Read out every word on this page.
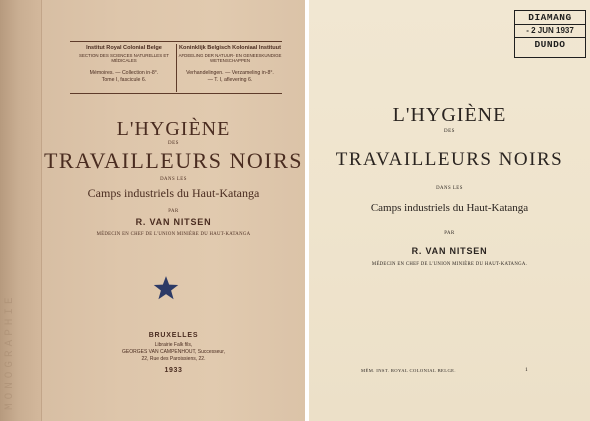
MONOGRAPHIE
Institut Royal Colonial Belge
SECTION DES SCIENCES NATURELLES ET MÉDICALES
Mémoires. — Collection in-8°.
Tome I, fascicule 6.
Koninklijk Belgisch Koloniaal Instituut
AFDEELING DER NATUUR- EN GENEESKUNDIGE WETENSCHAPPEN
Verhandelingen. — Verzameling in-8°.
— T. I, aflevering 6.
L'HYGIÈNE
DES
TRAVAILLEURS NOIRS
DANS LES
Camps industriels du Haut-Katanga
PAR
R. VAN NITSEN
MÉDECIN EN CHEF DE L'UNION MINIÈRE DU HAUT-KATANGA
BRUXELLES
Librairie Falk fils,
GEORGES VAN CAMPENHOUT, Successeur,
22, Rue des Paroissiens, 22.
1933
DIAMANG
- 2 JUN 1937
DUNDO
L'HYGIÈNE
DES
TRAVAILLEURS NOIRS
DANS LES
Camps industriels du Haut-Katanga
PAR
R. VAN NITSEN
MÉDECIN EN CHEF DE L'UNION MINIÈRE DU HAUT-KATANGA.
MÉM. INST. ROYAL COLONIAL BELGE.	1
